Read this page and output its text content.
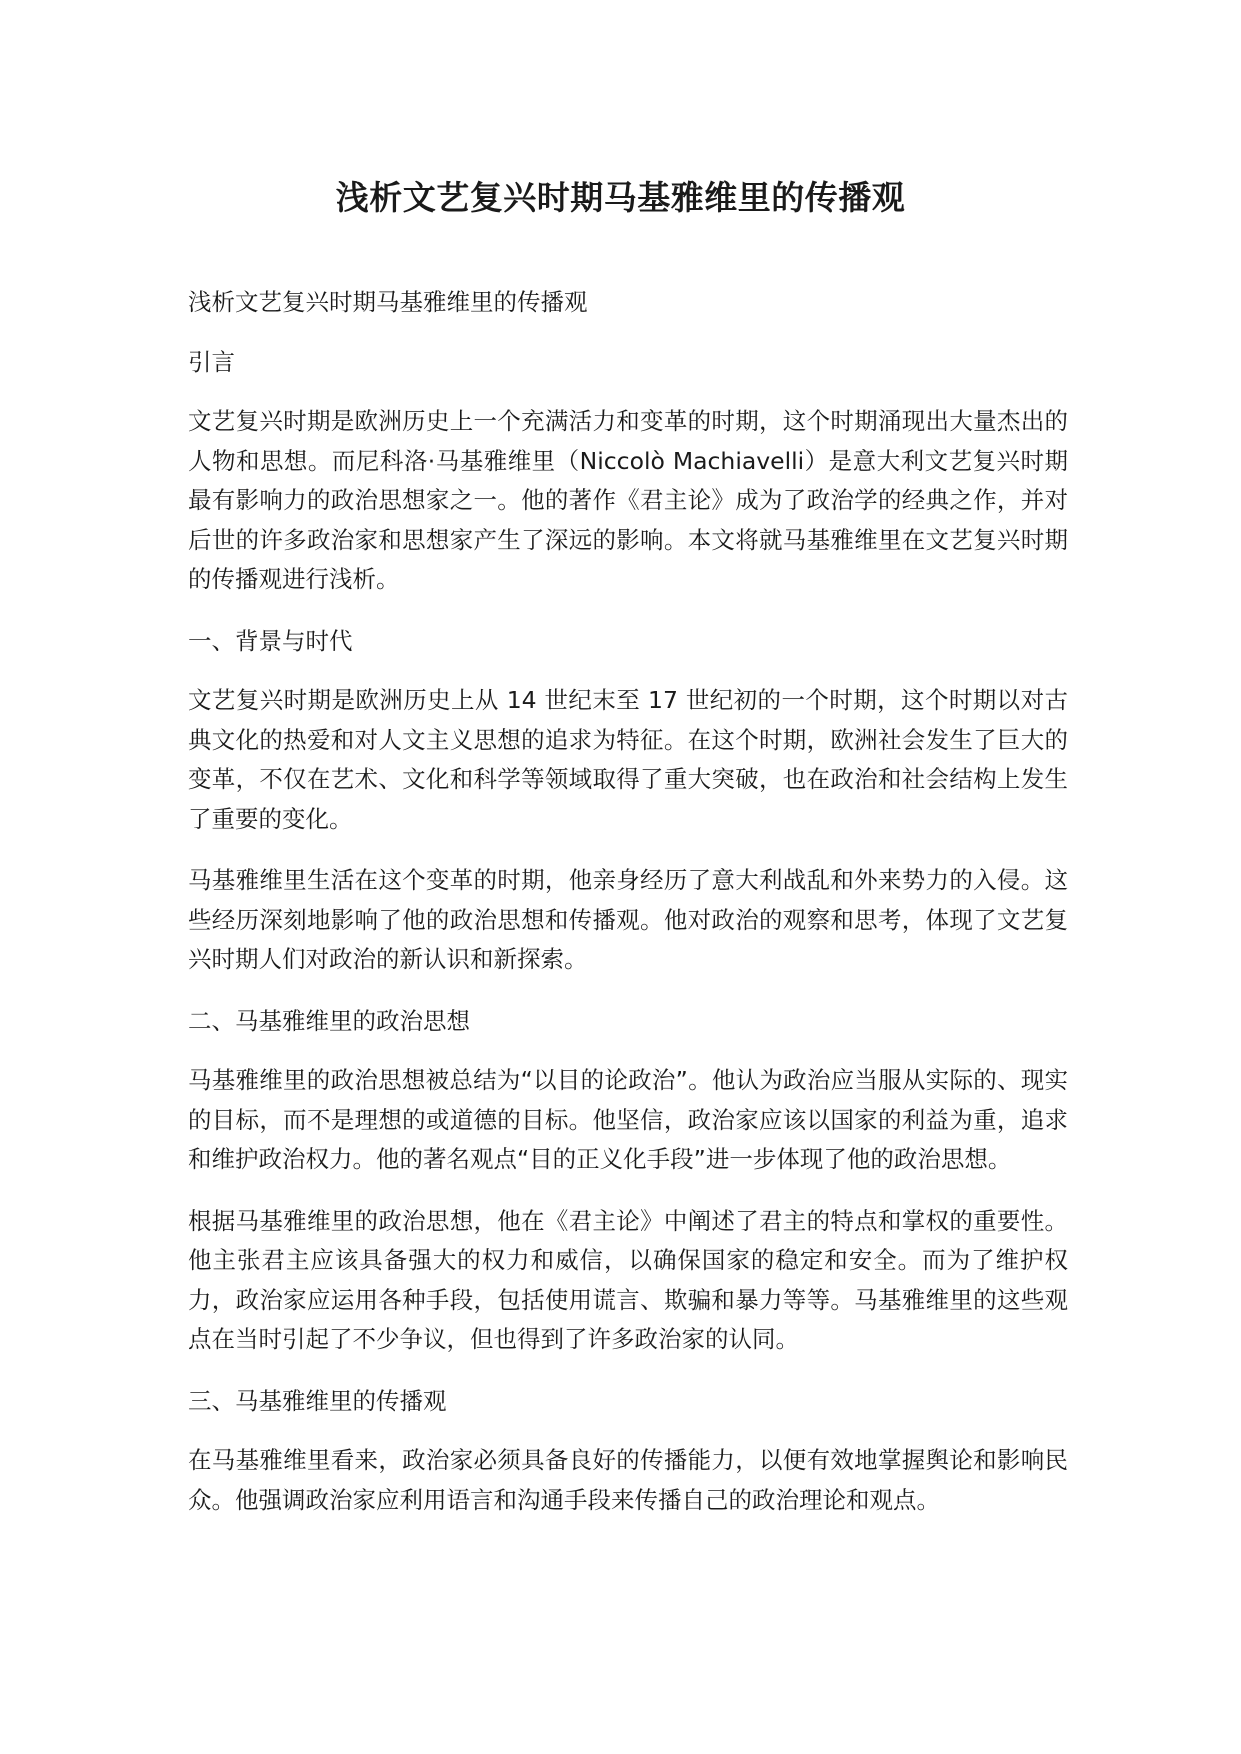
浅析文艺复兴时期马基雅维里的传播观

浅析文艺复兴时期马基雅维里的传播观

引言

文艺复兴时期是欧洲历史上一个充满活力和变革的时期，这个时期涌现出大量杰出的人物和思想。而尼科洛·马基雅维里（Niccolò Machiavelli）是意大利文艺复兴时期最有影响力的政治思想家之一。他的著作《君主论》成为了政治学的经典之作，并对后世的许多政治家和思想家产生了深远的影响。本文将就马基雅维里在文艺复兴时期的传播观进行浅析。

一、背景与时代

文艺复兴时期是欧洲历史上从 14 世纪末至 17 世纪初的一个时期，这个时期以对古典文化的热爱和对人文主义思想的追求为特征。在这个时期，欧洲社会发生了巨大的变革，不仅在艺术、文化和科学等领域取得了重大突破，也在政治和社会结构上发生了重要的变化。

马基雅维里生活在这个变革的时期，他亲身经历了意大利战乱和外来势力的入侵。这些经历深刻地影响了他的政治思想和传播观。他对政治的观察和思考，体现了文艺复兴时期人们对政治的新认识和新探索。

二、马基雅维里的政治思想

马基雅维里的政治思想被总结为“以目的论政治”。他认为政治应当服从实际的、现实的目标，而不是理想的或道德的目标。他坚信，政治家应该以国家的利益为重，追求和维护政治权力。他的著名观点“目的正义化手段”进一步体现了他的政治思想。

根据马基雅维里的政治思想，他在《君主论》中阐述了君主的特点和掌权的重要性。他主张君主应该具备强大的权力和威信，以确保国家的稳定和安全。而为了维护权力，政治家应运用各种手段，包括使用谎言、欺骗和暴力等等。马基雅维里的这些观点在当时引起了不少争议，但也得到了许多政治家的认同。

三、马基雅维里的传播观

在马基雅维里看来，政治家必须具备良好的传播能力，以便有效地掌握舆论和影响民众。他强调政治家应利用语言和沟通手段来传播自己的政治理论和观点。
